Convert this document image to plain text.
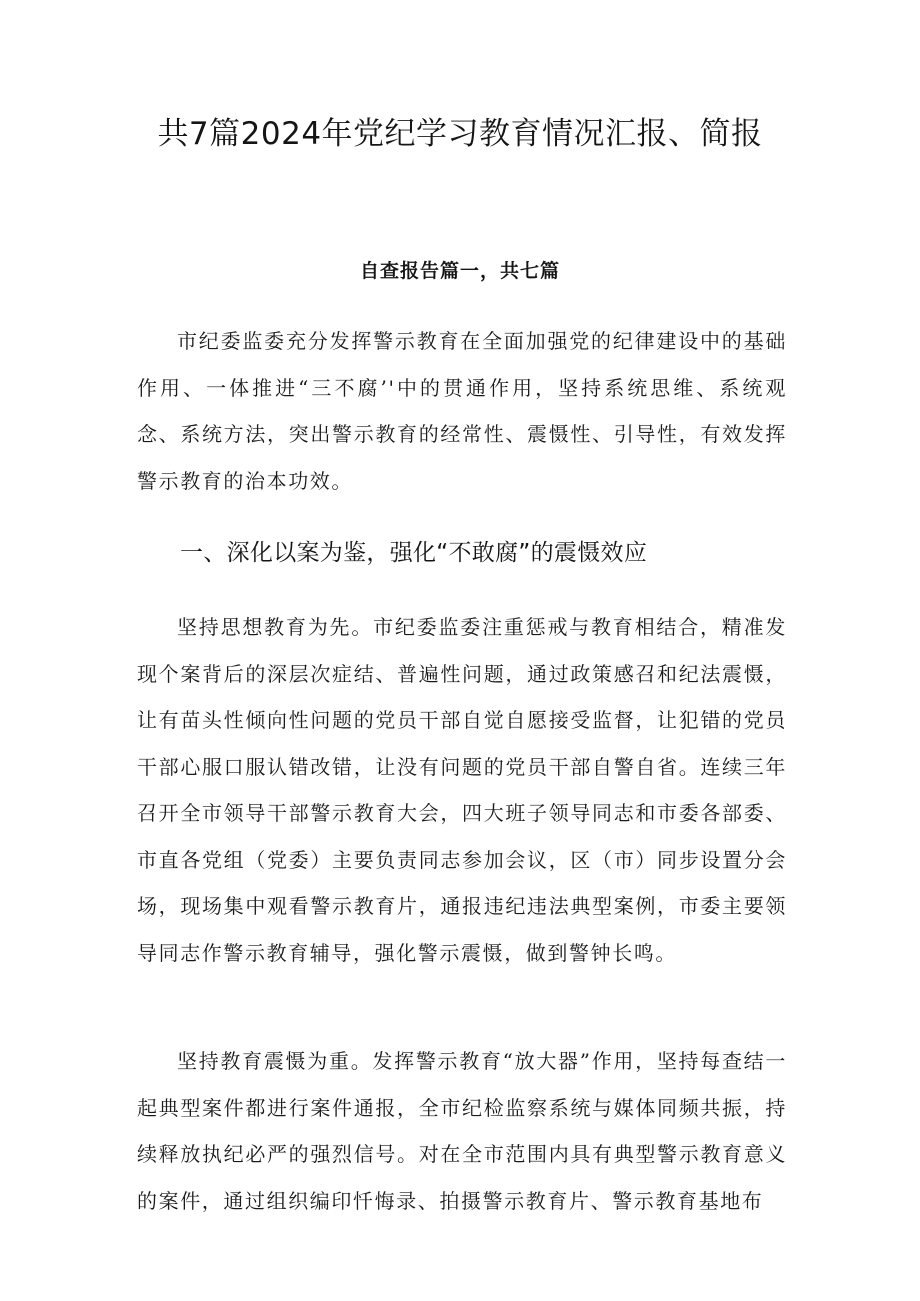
共7篇2024年党纪学习教育情况汇报、简报
自查报告篇一，共七篇

市纪委监委充分发挥警示教育在全面加强党的纪律建设中的基础作用、一体推进“三不腐’'中的贯通作用，坚持系统思维、系统观念、系统方法，突出警示教育的经常性、震慑性、引导性，有效发挥警示教育的治本功效。

一、深化以案为鉴，强化“不敢腐”的震慑效应

坚持思想教育为先。市纪委监委注重惩戒与教育相结合，精准发现个案背后的深层次症结、普遍性问题，通过政策感召和纪法震慑，让有苗头性倾向性问题的党员干部自觉自愿接受监督，让犯错的党员干部心服口服认错改错，让没有问题的党员干部自警自省。连续三年召开全市领导干部警示教育大会，四大班子领导同志和市委各部委、市直各党组（党委）主要负责同志参加会议，区（市）同步设置分会场，现场集中观看警示教育片，通报违纪违法典型案例，市委主要领导同志作警示教育辅导，强化警示震慑，做到警钟长鸣。

坚持教育震慑为重。发挥警示教育“放大器”作用，坚持每查结一起典型案件都进行案件通报，全市纪检监察系统与媒体同频共振，持续释放执纪必严的强烈信号。对在全市范围内具有典型警示教育意义的案件，通过组织编印忏悔录、拍摄警示教育片、警示教育基地布
